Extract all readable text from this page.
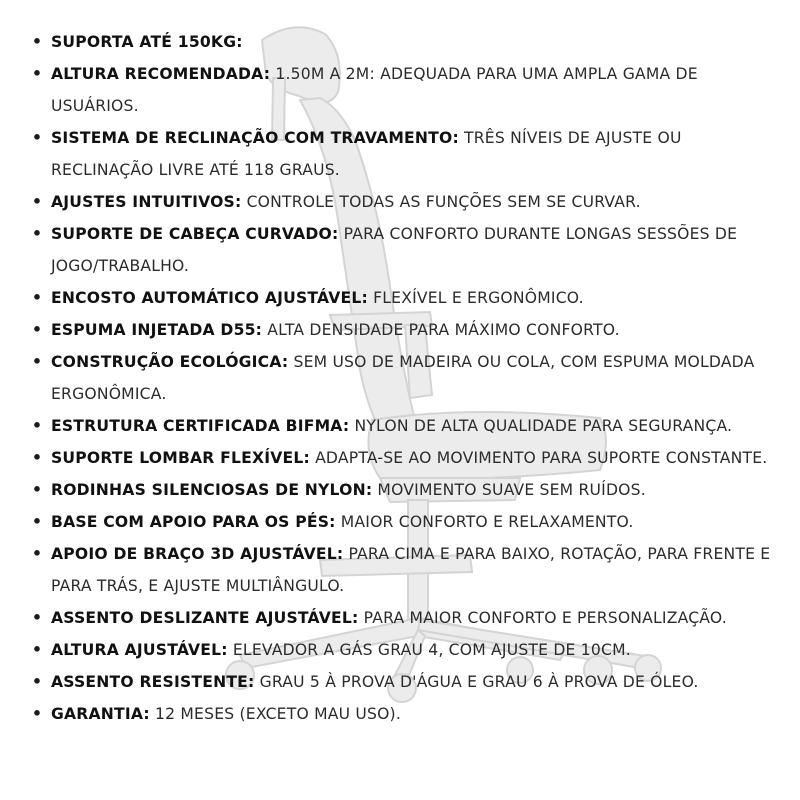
• SUPORTA ATÉ 150KG:
• ALTURA RECOMENDADA: 1.50M A 2M: ADEQUADA PARA UMA AMPLA GAMA DE USUÁRIOS.
• SISTEMA DE RECLINAÇÃO COM TRAVAMENTO: TRÊS NÍVEIS DE AJUSTE OU RECLINAÇÃO LIVRE ATÉ 118 GRAUS.
• AJUSTES INTUITIVOS: CONTROLE TODAS AS FUNÇÕES SEM SE CURVAR.
• SUPORTE DE CABEÇA CURVADO: PARA CONFORTO DURANTE LONGAS SESSÕES DE JOGO/TRABALHO.
• ENCOSTO AUTOMÁTICO AJUSTÁVEL: FLEXÍVEL E ERGONÔMICO.
• ESPUMA INJETADA D55: ALTA DENSIDADE PARA MÁXIMO CONFORTO.
• CONSTRUÇÃO ECOLÓGICA: SEM USO DE MADEIRA OU COLA, COM ESPUMA MOLDADA ERGONÔMICA.
• ESTRUTURA CERTIFICADA BIFMA: NYLON DE ALTA QUALIDADE PARA SEGURANÇA.
• SUPORTE LOMBAR FLEXÍVEL: ADAPTA-SE AO MOVIMENTO PARA SUPORTE CONSTANTE.
• RODINHAS SILENCIOSAS DE NYLON: MOVIMENTO SUAVE SEM RUÍDOS.
• BASE COM APOIO PARA OS PÉS: MAIOR CONFORTO E RELAXAMENTO.
• APOIO DE BRAÇO 3D AJUSTÁVEL: PARA CIMA E PARA BAIXO, ROTAÇÃO, PARA FRENTE E PARA TRÁS, E AJUSTE MULTIÂNGULO.
• ASSENTO DESLIZANTE AJUSTÁVEL: PARA MAIOR CONFORTO E PERSONALIZAÇÃO.
• ALTURA AJUSTÁVEL: ELEVADOR A GÁS GRAU 4, COM AJUSTE DE 10CM.
• ASSENTO RESISTENTE: GRAU 5 À PROVA D'ÁGUA E GRAU 6 À PROVA DE ÓLEO.
• GARANTIA: 12 MESES (EXCETO MAU USO).
